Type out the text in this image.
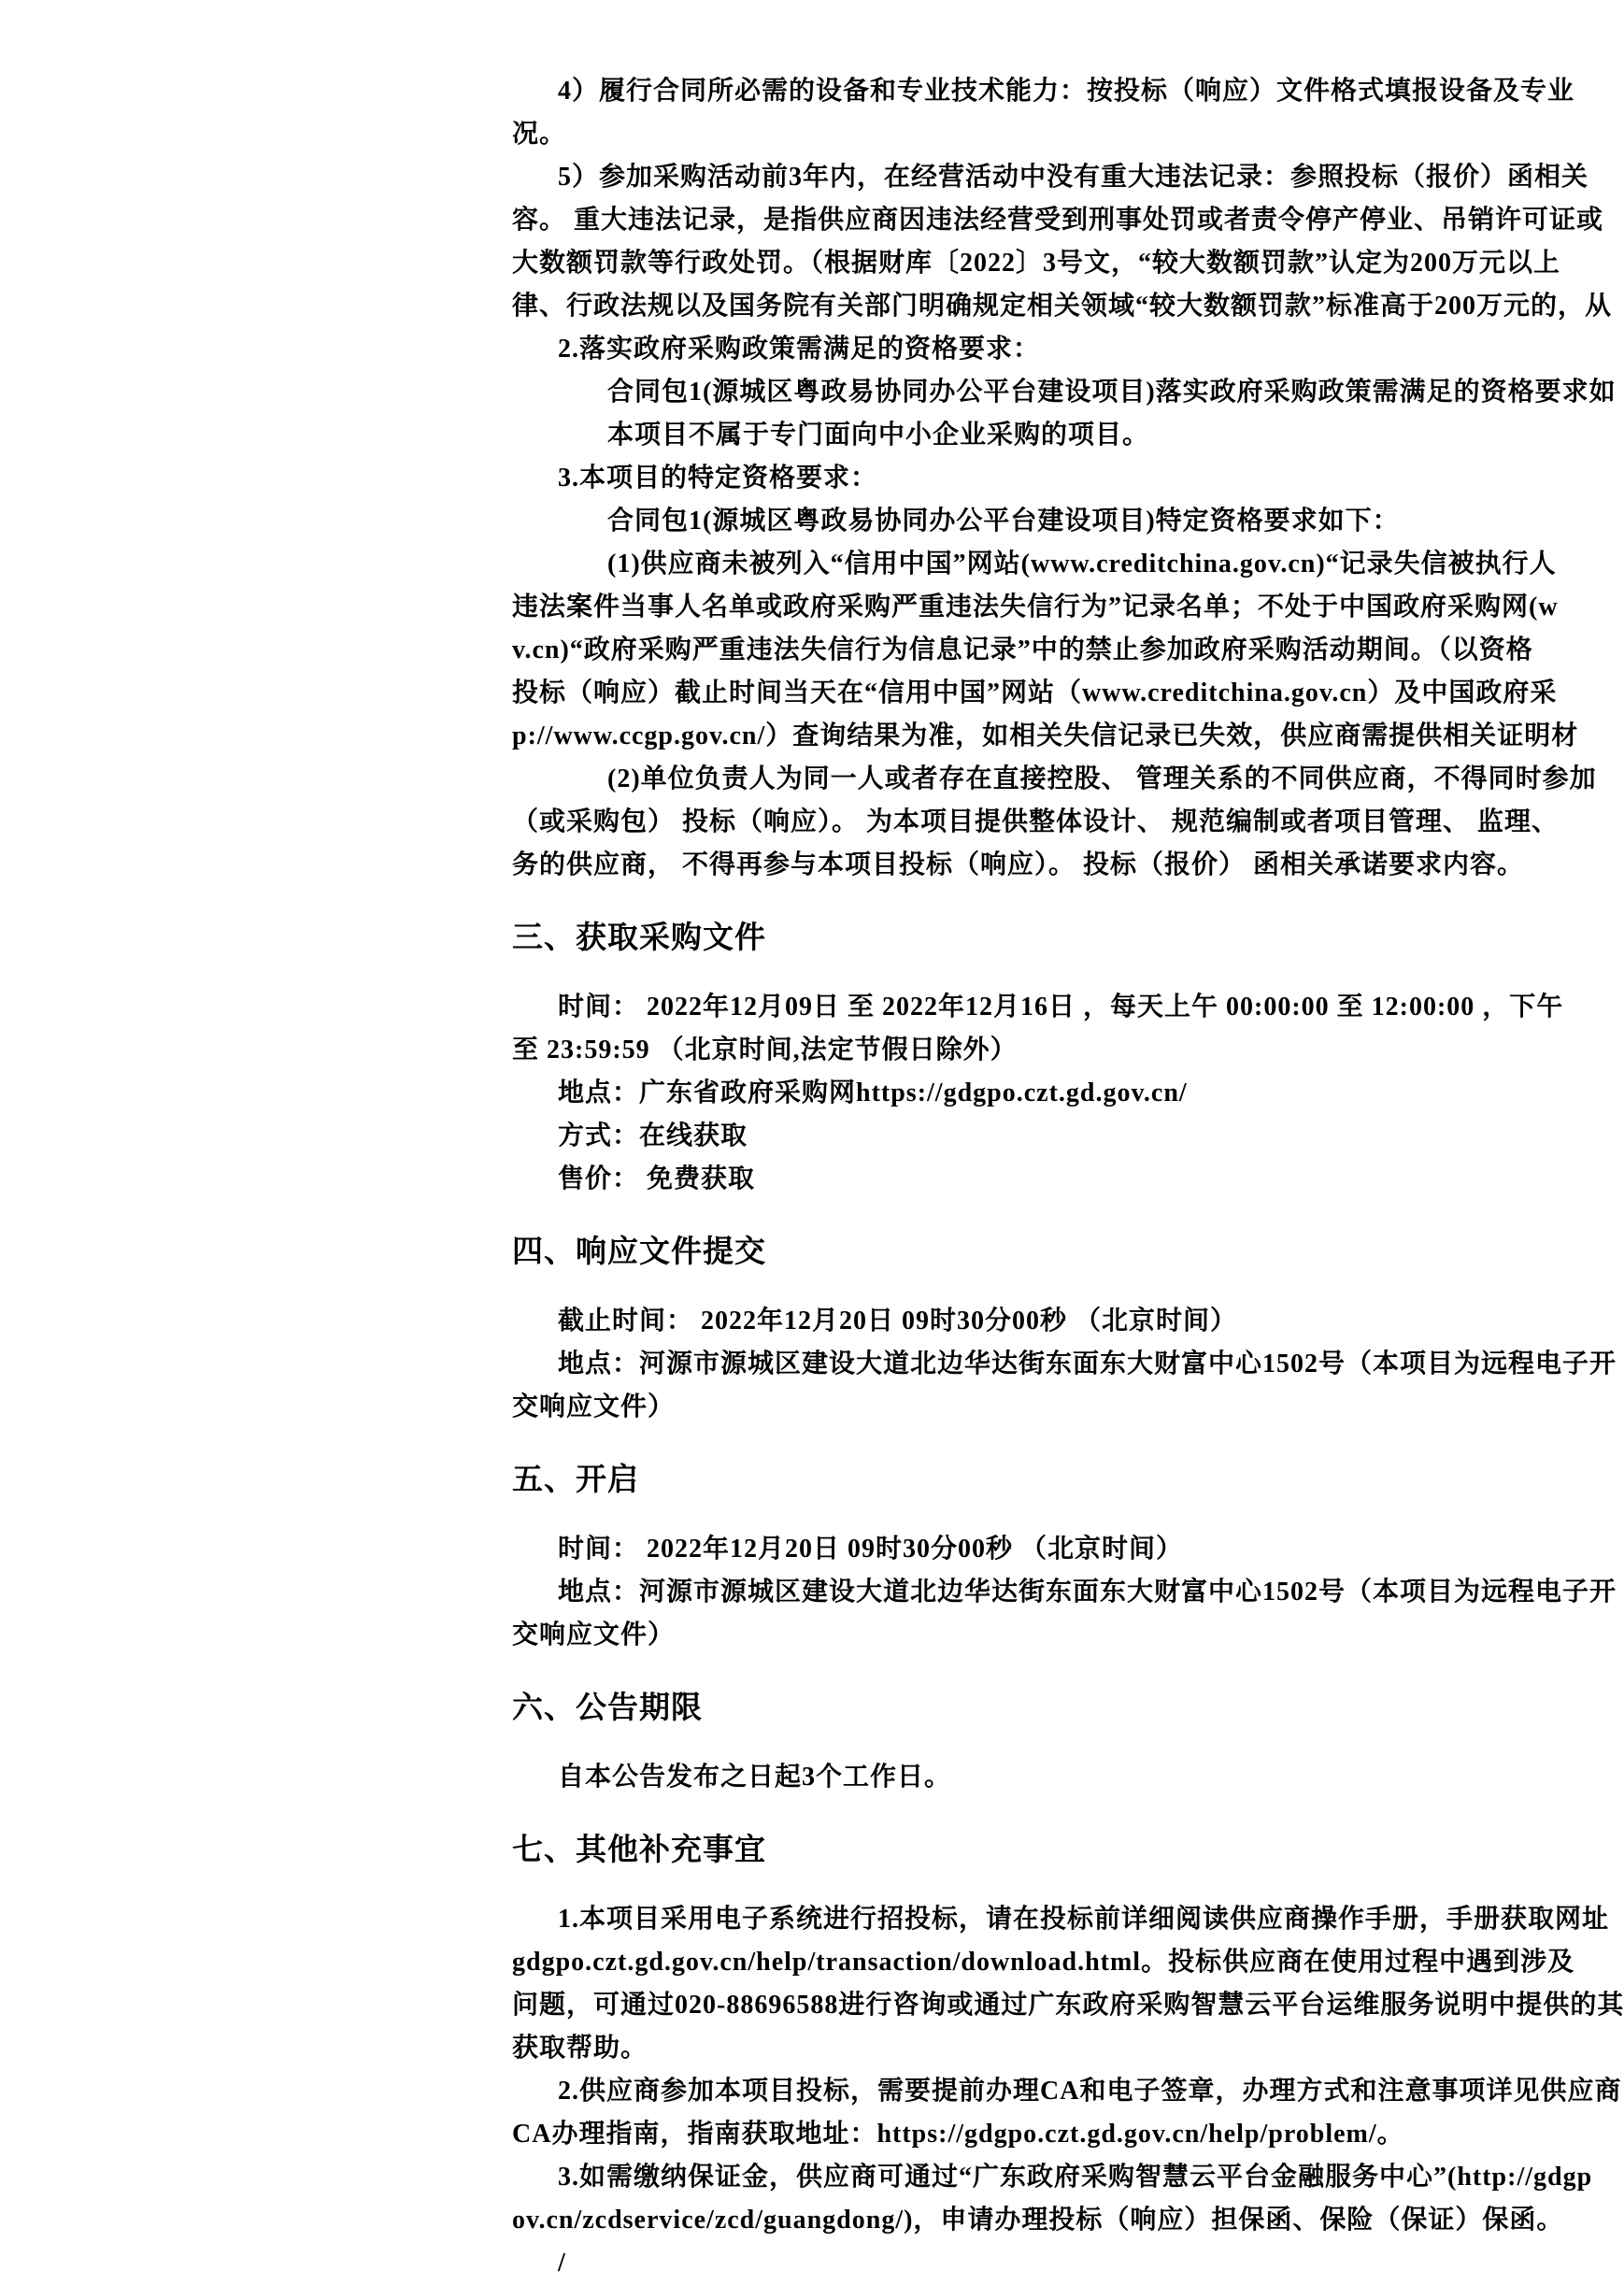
4）履行合同所必需的设备和专业技术能力：按投标（响应）文件格式填报设备及专业
况。
5）参加采购活动前3年内，在经营活动中没有重大违法记录：参照投标（报价）函相关
容。 重大违法记录，是指供应商因违法经营受到刑事处罚或者责令停产停业、吊销许可证或
大数额罚款等行政处罚。（根据财库〔2022〕3号文，“较大数额罚款”认定为200万元以上
律、行政法规以及国务院有关部门明确规定相关领域“较大数额罚款”标准高于200万元的，从
2.落实政府采购政策需满足的资格要求：
合同包1(源城区粤政易协同办公平台建设项目)落实政府采购政策需满足的资格要求如
本项目不属于专门面向中小企业采购的项目。
3.本项目的特定资格要求：
合同包1(源城区粤政易协同办公平台建设项目)特定资格要求如下：
(1)供应商未被列入“信用中国”网站(www.creditchina.gov.cn)“记录失信被执行人
违法案件当事人名单或政府采购严重违法失信行为”记录名单；不处于中国政府采购网(w
v.cn)“政府采购严重违法失信行为信息记录”中的禁止参加政府采购活动期间。（以资格
投标（响应）截止时间当天在“信用中国”网站（www.creditchina.gov.cn）及中国政府采
p://www.ccgp.gov.cn/）查询结果为准，如相关失信记录已失效，供应商需提供相关证明材
(2)单位负责人为同一人或者存在直接控股、 管理关系的不同供应商，不得同时参加
（或采购包） 投标（响应）。 为本项目提供整体设计、 规范编制或者项目管理、 监理、
务的供应商， 不得再参与本项目投标（响应）。 投标（报价） 函相关承诺要求内容。
三、获取采购文件
时间： 2022年12月09日 至 2022年12月16日 ，每天上午 00:00:00 至 12:00:00 ，下午
至 23:59:59 （北京时间,法定节假日除外）
地点：广东省政府采购网https://gdgpo.czt.gd.gov.cn/
方式：在线获取
售价： 免费获取
四、响应文件提交
截止时间： 2022年12月20日 09时30分00秒 （北京时间）
地点：河源市源城区建设大道北边华达街东面东大财富中心1502号（本项目为远程电子开
交响应文件）
五、开启
时间： 2022年12月20日 09时30分00秒 （北京时间）
地点：河源市源城区建设大道北边华达街东面东大财富中心1502号（本项目为远程电子开
交响应文件）
六、公告期限
自本公告发布之日起3个工作日。
七、其他补充事宜
1.本项目采用电子系统进行招投标，请在投标前详细阅读供应商操作手册，手册获取网址
gdgpo.czt.gd.gov.cn/help/transaction/download.html。投标供应商在使用过程中遇到涉及
问题，可通过020-88696588进行咨询或通过广东政府采购智慧云平台运维服务说明中提供的其
获取帮助。
2.供应商参加本项目投标，需要提前办理CA和电子签章，办理方式和注意事项详见供应商
CA办理指南，指南获取地址：https://gdgpo.czt.gd.gov.cn/help/problem/。
3.如需缴纳保证金，供应商可通过“广东政府采购智慧云平台金融服务中心”(http://gdgp
ov.cn/zcdservice/zcd/guangdong/)，申请办理投标（响应）担保函、保险（保证）保函。
/
